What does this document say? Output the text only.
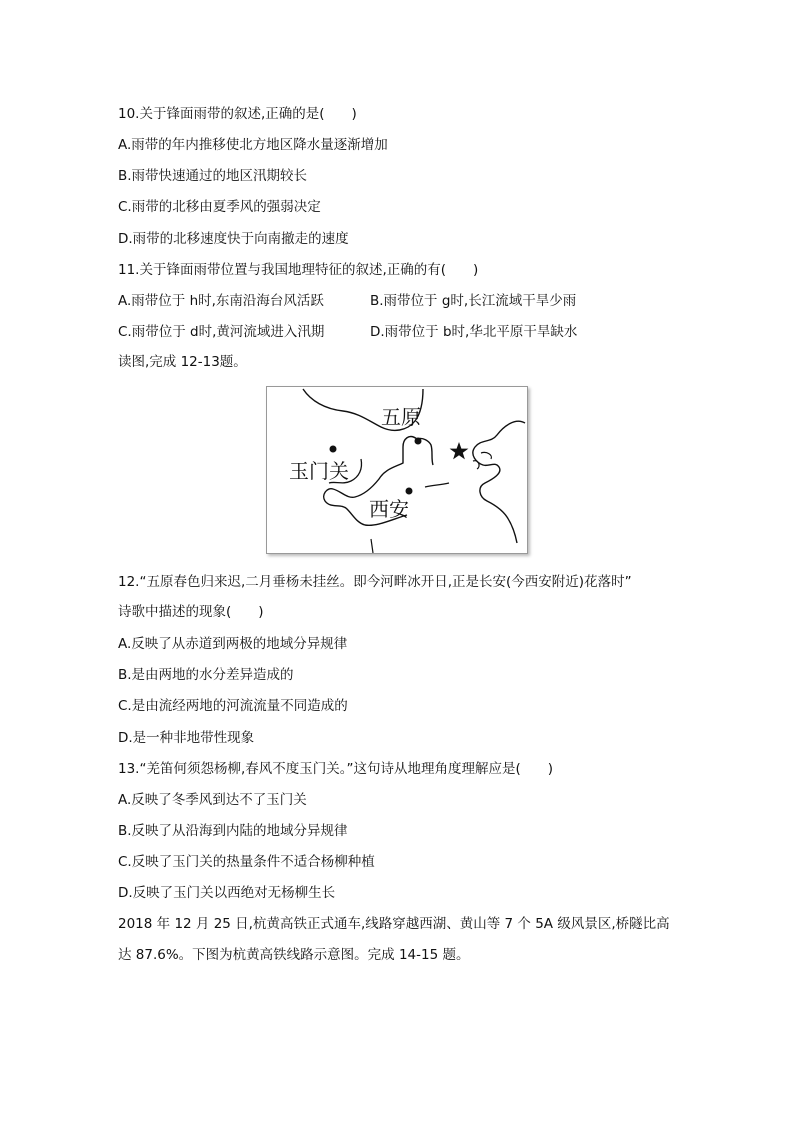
10.关于锋面雨带的叙述,正确的是(　　)
A.雨带的年内推移使北方地区降水量逐渐增加
B.雨带快速通过的地区汛期较长
C.雨带的北移由夏季风的强弱决定
D.雨带的北移速度快于向南撤走的速度
11.关于锋面雨带位置与我国地理特征的叙述,正确的有(　　)
A.雨带位于 h时,东南沿海台风活跃	B.雨带位于 g时,长江流域干旱少雨
C.雨带位于 d时,黄河流域进入汛期	D.雨带位于 b时,华北平原干旱缺水
读图,完成 12-13题。
五原
玉门关
西安
12.“五原春色归来迟,二月垂杨未挂丝。即今河畔冰开日,正是长安(今西安附近)花落时”
诗歌中描述的现象(　　)
A.反映了从赤道到两极的地域分异规律
B.是由两地的水分差异造成的
C.是由流经两地的河流流量不同造成的
D.是一种非地带性现象
13.“羌笛何须怨杨柳,春风不度玉门关。”这句诗从地理角度理解应是(　　)
A.反映了冬季风到达不了玉门关
B.反映了从沿海到内陆的地域分异规律
C.反映了玉门关的热量条件不适合杨柳种植
D.反映了玉门关以西绝对无杨柳生长
2018 年 12 月 25 日,杭黄高铁正式通车,线路穿越西湖、黄山等 7 个 5A 级风景区,桥隧比高
达 87.6%。下图为杭黄高铁线路示意图。完成 14-15 题。
